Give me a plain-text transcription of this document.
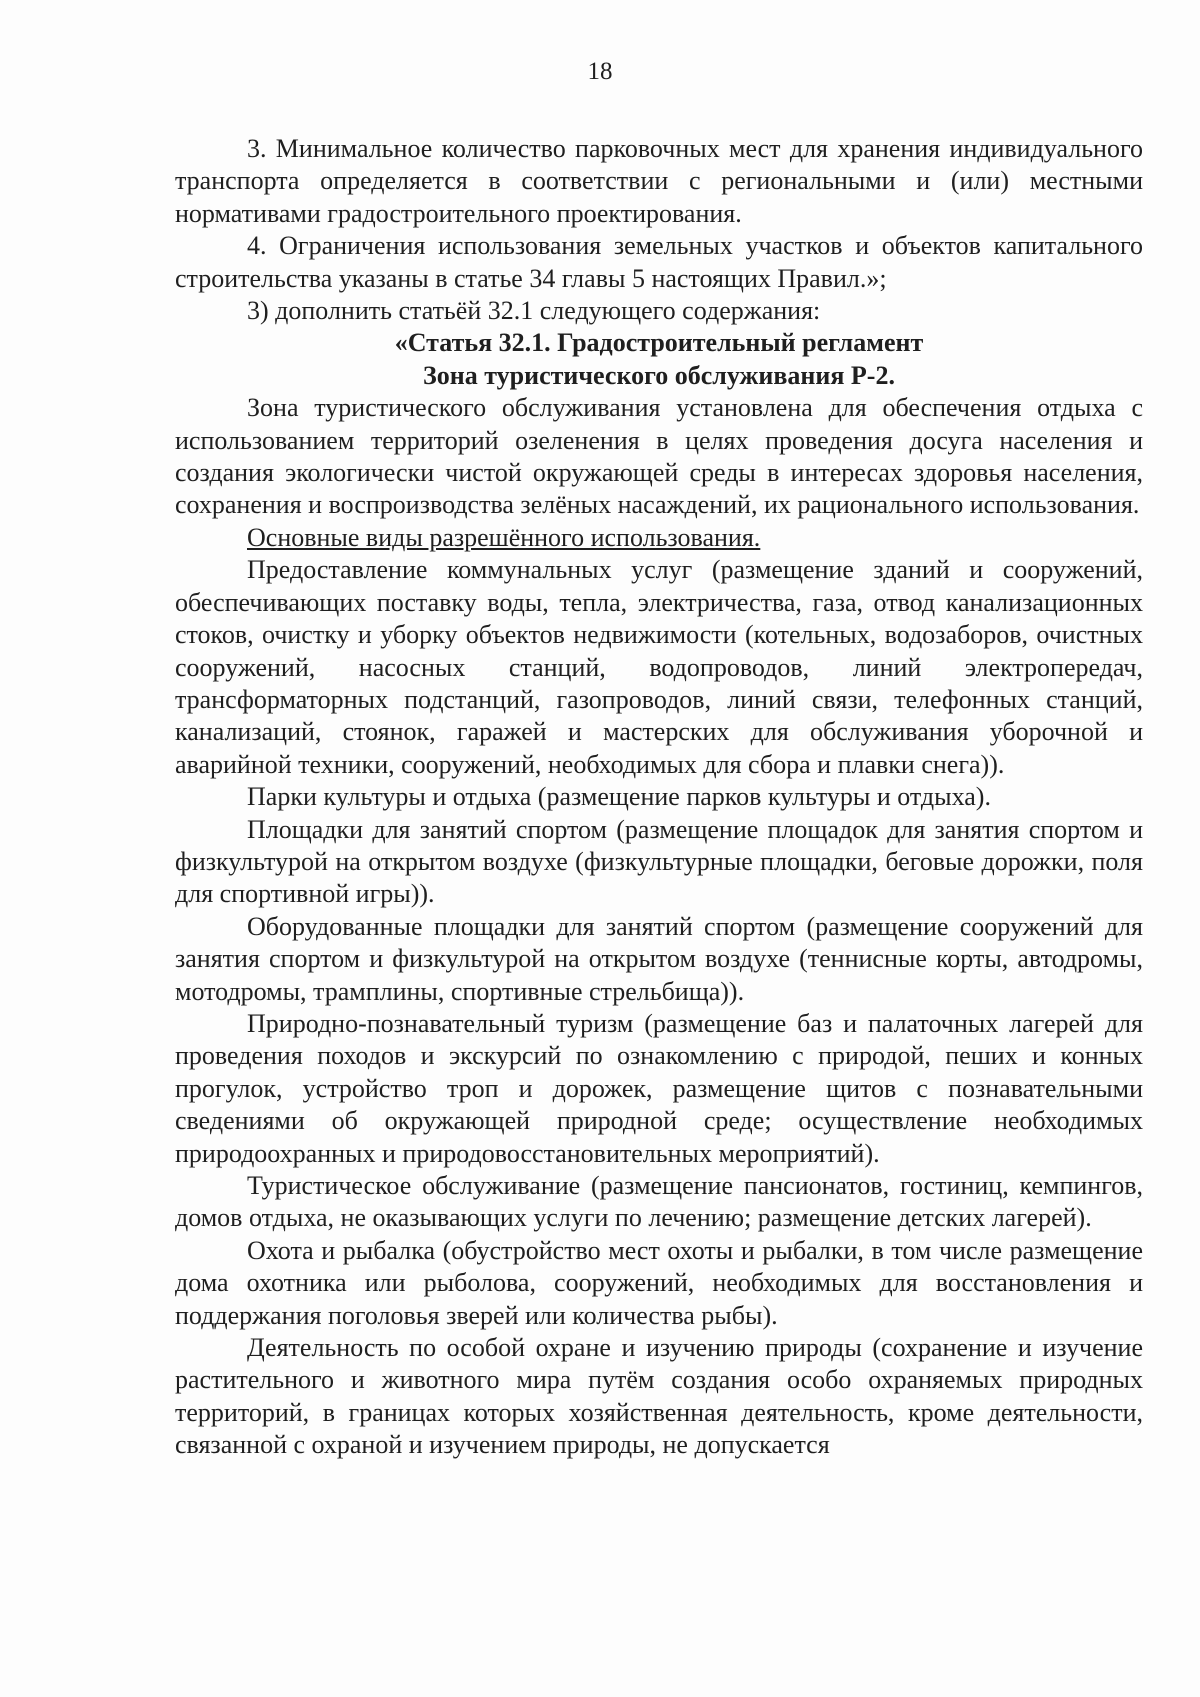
18

3. Минимальное количество парковочных мест для хранения индивидуального транспорта определяется в соответствии с региональными и (или) местными нормативами градостроительного проектирования.

4. Ограничения использования земельных участков и объектов капитального строительства указаны в статье 34 главы 5 настоящих Правил.»;

3) дополнить статьёй 32.1 следующего содержания:

«Статья 32.1. Градостроительный регламент

Зона туристического обслуживания Р-2.

Зона туристического обслуживания установлена для обеспечения отдыха с использованием территорий озеленения в целях проведения досуга населения и создания экологически чистой окружающей среды в интересах здоровья населения, сохранения и воспроизводства зелёных насаждений, их рационального использования.

Основные виды разрешённого использования.

Предоставление коммунальных услуг (размещение зданий и сооружений, обеспечивающих поставку воды, тепла, электричества, газа, отвод канализационных стоков, очистку и уборку объектов недвижимости (котельных, водозаборов, очистных сооружений, насосных станций, водопроводов, линий электропередач, трансформаторных подстанций, газопроводов, линий связи, телефонных станций, канализаций, стоянок, гаражей и мастерских для обслуживания уборочной и аварийной техники, сооружений, необходимых для сбора и плавки снега)).

Парки культуры и отдыха (размещение парков культуры и отдыха).

Площадки для занятий спортом (размещение площадок для занятия спортом и физкультурой на открытом воздухе (физкультурные площадки, беговые дорожки, поля для спортивной игры)).

Оборудованные площадки для занятий спортом (размещение сооружений для занятия спортом и физкультурой на открытом воздухе (теннисные корты, автодромы, мотодромы, трамплины, спортивные стрельбища)).

Природно-познавательный туризм (размещение баз и палаточных лагерей для проведения походов и экскурсий по ознакомлению с природой, пеших и конных прогулок, устройство троп и дорожек, размещение щитов с познавательными сведениями об окружающей природной среде; осуществление необходимых природоохранных и природовосстановительных мероприятий).

Туристическое обслуживание (размещение пансионатов, гостиниц, кемпингов, домов отдыха, не оказывающих услуги по лечению; размещение детских лагерей).

Охота и рыбалка (обустройство мест охоты и рыбалки, в том числе размещение дома охотника или рыболова, сооружений, необходимых для восстановления и поддержания поголовья зверей или количества рыбы).

Деятельность по особой охране и изучению природы (сохранение и изучение растительного и животного мира путём создания особо охраняемых природных территорий, в границах которых хозяйственная деятельность, кроме деятельности, связанной с охраной и изучением природы, не допускается
